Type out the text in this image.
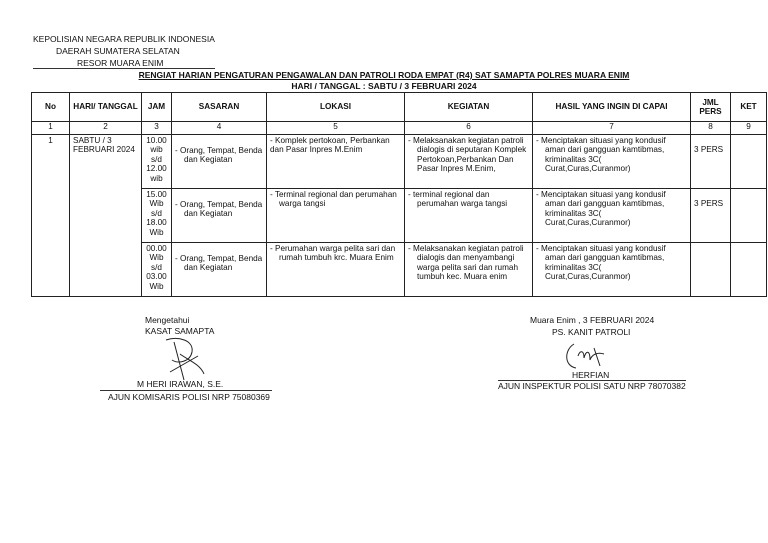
KEPOLISIAN NEGARA REPUBLIK INDONESIA
DAERAH SUMATERA SELATAN
RESOR MUARA ENIM
RENGIAT HARIAN PENGATURAN PENGAWALAN DAN PATROLI RODA EMPAT (R4) SAT SAMAPTA POLRES MUARA ENIM
HARI / TANGGAL : SABTU / 3 FEBRUARI 2024
No	HARI/ TANGGAL	JAM	SASARAN	LOKASI	KEGIATAN	HASIL YANG INGIN DI CAPAI	JML PERS	KET
1	2	3	4	5	6	7	8	9
1	SABTU / 3 FEBRUARI 2024	10.00 wib s/d 12.00 wib	- Orang, Tempat, Benda dan Kegiatan	- Komplek pertokoan, Perbankan dan Pasar Inpres M.Enim	- Melaksanakan kegiatan patroli dialogis di seputaran Komplek Pertokoan,Perbankan Dan Pasar Inpres M.Enim,	- Menciptakan situasi yang kondusif aman dari gangguan kamtibmas, kriminalitas 3C( Curat,Curas,Curanmor)	3 PERS	
		15.00 Wib s/d 18.00 Wib	- Orang, Tempat, Benda dan Kegiatan	- Terminal regional dan perumahan warga tangsi	- terminal regional dan perumahan warga tangsi	- Menciptakan situasi yang kondusif aman dari gangguan kamtibmas, kriminalitas 3C( Curat,Curas,Curanmor)	3 PERS	
		00.00 Wib s/d 03.00 Wib	- Orang, Tempat, Benda dan Kegiatan	- Perumahan warga pelita sari dan rumah tumbuh krc. Muara Enim	- Melaksanakan kegiatan patroli dialogis dan menyambangi warga pelita sari dan rumah tumbuh kec. Muara enim	- Menciptakan situasi yang kondusif aman dari gangguan kamtibmas, kriminalitas 3C( Curat,Curas,Curanmor)		

Mengetahui
KASAT SAMAPTA
M HERI IRAWAN, S.E.
AJUN KOMISARIS POLISI NRP 75080369
Muara Enim , 3 FEBRUARI 2024
PS. KANIT PATROLI
HERFIAN
AJUN INSPEKTUR POLISI SATU NRP 78070382
